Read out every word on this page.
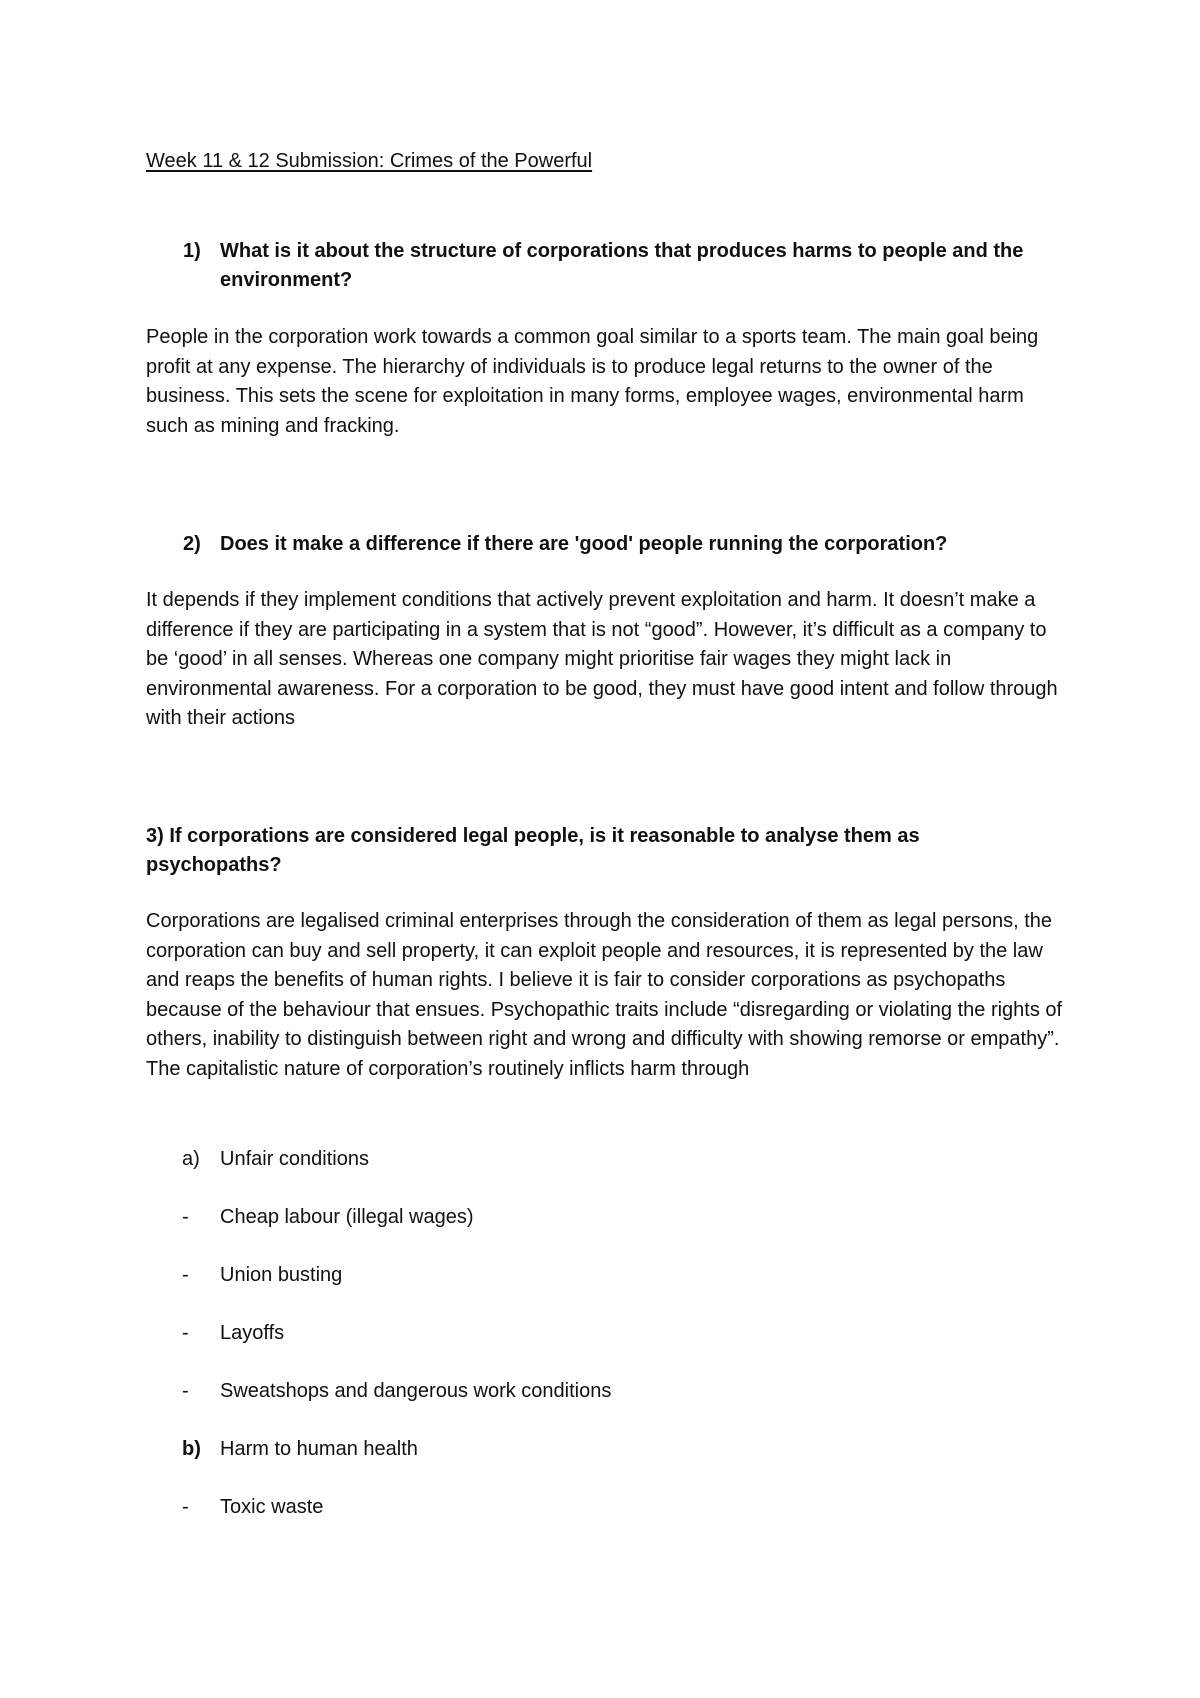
Week 11 & 12 Submission: Crimes of the Powerful
1) What is it about the structure of corporations that produces harms to people and the environment?
People in the corporation work towards a common goal similar to a sports team. The main goal being profit at any expense. The hierarchy of individuals is to produce legal returns to the owner of the business. This sets the scene for exploitation in many forms, employee wages, environmental harm such as mining and fracking.
2) Does it make a difference if there are 'good' people running the corporation?
It depends if they implement conditions that actively prevent exploitation and harm. It doesn’t make a difference if they are participating in a system that is not “good”. However, it’s difficult as a company to be ‘good’ in all senses. Whereas one company might prioritise fair wages they might lack in environmental awareness. For a corporation to be good, they must have good intent and follow through with their actions
3) If corporations are considered legal people, is it reasonable to analyse them as psychopaths?
Corporations are legalised criminal enterprises through the consideration of them as legal persons, the corporation can buy and sell property, it can exploit people and resources, it is represented by the law and reaps the benefits of human rights. I believe it is fair to consider corporations as psychopaths because of the behaviour that ensues. Psychopathic traits include “disregarding or violating the rights of others, inability to distinguish between right and wrong and difficulty with showing remorse or empathy”. The capitalistic nature of corporation’s routinely inflicts harm through
a) Unfair conditions
- Cheap labour (illegal wages)
- Union busting
- Layoffs
- Sweatshops and dangerous work conditions
b) Harm to human health
- Toxic waste
